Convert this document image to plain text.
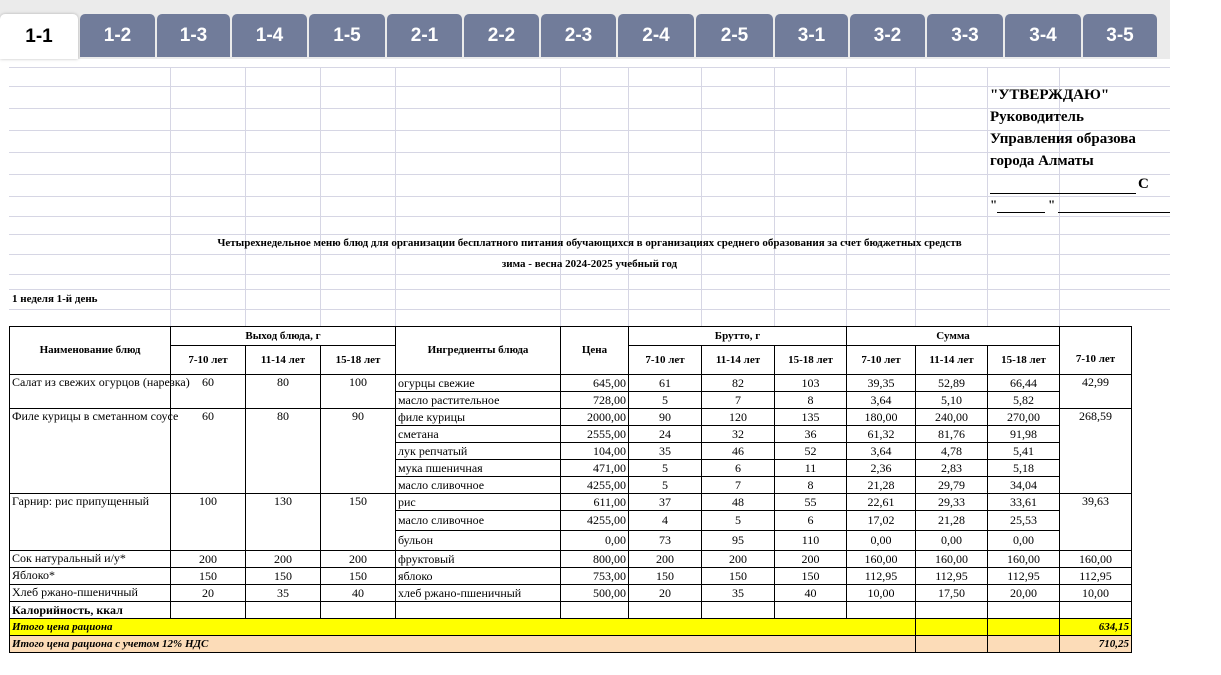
1-1	1-2	1-3	1-4	1-5	2-1	2-2	2-3	2-4	2-5	3-1	3-2	3-3	3-4	3-5
"УТВЕРЖДАЮ"
Руководитель
Управления образова
города Алматы
С
"	"
Четырехнедельное меню блюд для организации бесплатного питания обучающихся в организациях среднего образования за счет бюджетных средств
зима - весна 2024-2025 учебный год
1 неделя 1-й день
Наименование блюд	Выход блюда, г			Ингредиенты блюда	Цена	Брутто, г			Сумма			
	7-10 лет	11-14 лет	15-18 лет			7-10 лет	11-14 лет	15-18 лет	7-10 лет	11-14 лет	15-18 лет	7-10 лет
Салат из свежих огурцов (нарезка)	60	80	100	огурцы свежие	645,00	61	82	103	39,35	52,89	66,44	42,99
				масло растительное	728,00	5	7	8	3,64	5,10	5,82	
Филе курицы в сметанном соусе	60	80	90	филе курицы	2000,00	90	120	135	180,00	240,00	270,00	268,59
				сметана	2555,00	24	32	36	61,32	81,76	91,98	
				лук репчатый	104,00	35	46	52	3,64	4,78	5,41	
				мука пшеничная	471,00	5	6	11	2,36	2,83	5,18	
				масло сливочное	4255,00	5	7	8	21,28	29,79	34,04	
Гарнир: рис припущенный	100	130	150	рис	611,00	37	48	55	22,61	29,33	33,61	39,63
				масло сливочное	4255,00	4	5	6	17,02	21,28	25,53	
				бульон	0,00	73	95	110	0,00	0,00	0,00	
Сок натуральный и/у*	200	200	200	фруктовый	800,00	200	200	200	160,00	160,00	160,00	160,00
Яблоко*	150	150	150	яблоко	753,00	150	150	150	112,95	112,95	112,95	112,95
Хлеб ржано-пшеничный	20	35	40	хлеб ржано-пшеничный	500,00	20	35	40	10,00	17,50	20,00	10,00
Калорийность, ккал												
Итого цена рациона												634,15
Итого цена рациона с учетом 12% НДС												710,25
